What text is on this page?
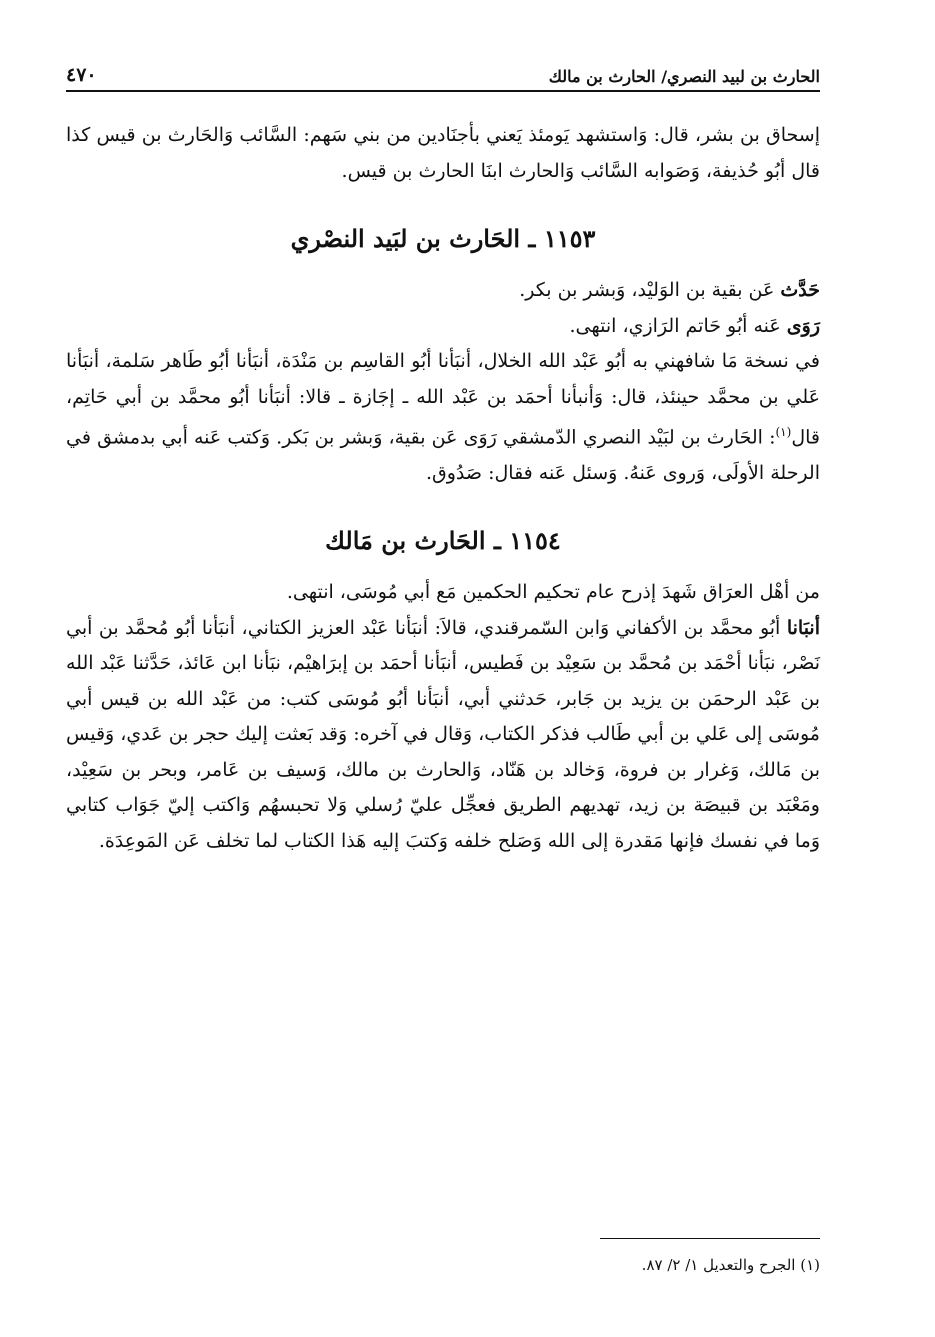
الحارث بن لبيد النصري/ الحارث بن مالك
٤٧٠

إسحاق بن بشر، قال: وَاستشهد يَومئذ يَعني بأجنَادين من بني سَهم: السَّائب وَالحَارث بن قيس كذا قال أبُو حُذيفة، وَصَوابه السَّائب وَالحارث ابنَا الحارث بن قيس.

١١٥٣ ـ الحَارث بن لبَيد النصْري

حَدَّث عَن بقية بن الوَليْد، وَبشر بن بكر.

رَوَى عَنه أبُو حَاتم الرَازي، انتهى.

في نسخة مَا شافهني به أبُو عَبْد الله الخلال، أنبَأنا أبُو القاسِم بن مَنْدَة، أنبَأنا أبُو طَاهر سَلمة، أنبَأنا عَلي بن محمَّد حينئذ، قال: وَأنبأنا أحمَد بن عَبْد الله ـ إجَازة ـ قالا: أنبَأنا أبُو محمَّد بن أبي حَاتِم، قال$^{(١)}$: الحَارث بن لبَيْد النصري الدّمشقي رَوَى عَن بقية، وَبشر بن بَكر. وَكتب عَنه أبي بدمشق في الرحلة الأولَى، وَروى عَنهُ. وَسئل عَنه فقال: صَدُوق.

١١٥٤ ـ الحَارث بن مَالك

من أهْل العرَاق شَهدَ إذرح عام تحكيم الحكمين مَع أبي مُوسَى، انتهى.

أنبَانا أبُو محمَّد بن الأكفاني وَابن السّمرقندي، قالاَ: أنبَأنا عَبْد العزيز الكتاني، أنبَأنا أبُو مُحمَّد بن أبي نَصْر، نبَأنا أحْمَد بن مُحمَّد بن سَعِيْد بن فَطيس، أنبَأنا أحمَد بن إبرَاهيْم، نبَأنا ابن عَائذ، حَدَّثنا عَبْد الله بن عَبْد الرحمَن بن يزيد بن جَابر، حَدثني أبي، أنبَأنا أبُو مُوسَى كتب: من عَبْد الله بن قيس أبي مُوسَى إلى عَلي بن أبي طَالب فذكر الكتاب، وَقال في آخره: وَقد بَعثت إليك حجر بن عَدي، وَقيس بن مَالك، وَغرار بن فروة، وَخالد بن هَنّاد، وَالحارث بن مالك، وَسيف بن عَامر، وبحر بن سَعِيْد، ومَعْبَد بن قبيصَة بن زيد، تهديهم الطريق فعجِّل عليّ رُسلي وَلا تحبسهُم وَاكتب إليّ جَوَاب كتابي وَما في نفسك فإنها مَقدرة إلى الله وَصَلح خلفه وَكتبَ إليه هَذا الكتاب لما تخلف عَن المَوعِدَة.

(١) الجرح والتعديل ١/ ٢/ ٨٧.
